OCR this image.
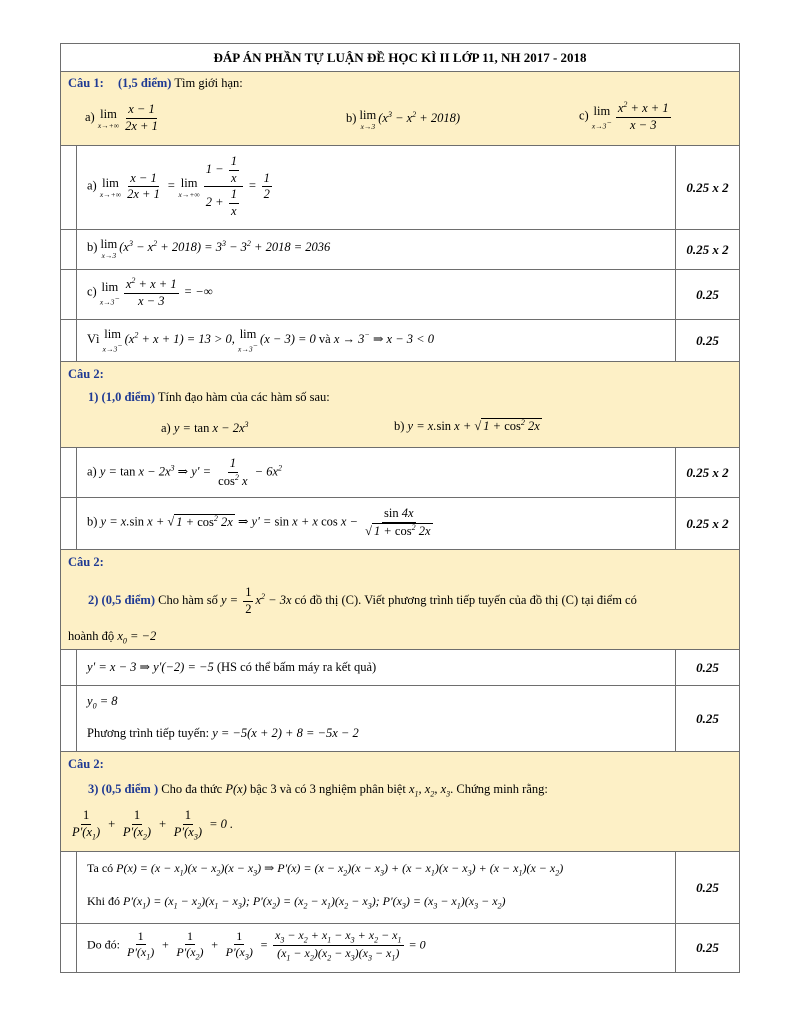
ĐÁP ÁN PHẦN TỰ LUẬN ĐỀ HỌC KÌ II LỚP 11, NH 2017 - 2018
Câu 1: (1,5 điểm) Tìm giới hạn:
a) lim
$x\to+\infty \frac{x - 1}{2x + 1}$	b) lim
x→3
$(x^3 - x^2 + 2018)$	c) lim
$x\to 3^- \frac{x^2 + x + 1}{x - 3}$
a) lim
$x\to+\infty \frac{x - 1}{2x + 1} = \lim$
$x\to+\infty \frac{1 - \frac{1}{x}}{2 + \frac{1}{x}} = \frac{1}{2}$	0.25 x 2
b) lim
x→3
$(x^3 - x^2 + 2018) = 3^3 - 3^2 + 2018 = 2036$	0.25 x 2
c) lim
$x\to 3^- \frac{x^2 + x + 1}{x - 3}$ = −∞	0.25
Vì lim
x→3− $(x^2 + x + 1) = 13 > 0$, lim
x→3− (x − 3) = 0 và x → 3− ⇒ x − 3 < 0	0.25
Câu 2:
1) (1,0 điểm) Tính đạo hàm của các hàm số sau:
a) $y = \tan x - 2x^3$	b) y = x.sin x + √ $1 + \cos^2 2x$
a) $y = \tan x - 2x^3$ ⇒ $y' = \frac{1}{\cos^2 x} - 6x^2$	0.25 x 2
b) y = x.sin x + √ $1 + \cos^2 2x$ ⇒ y' = sin x + x $\cos x - \frac{\sin 4x}{√ 1 + \cos^2 2x}$	0.25 x 2
Câu 2:
2) (0,5 điểm) Cho hàm số $y = \frac{1}{2} x^2 - 3x$ có đồ thị (C). Viết phương trình tiếp tuyến của đồ thị (C) tại điểm có
hoành độ $x_0 = -2$
y' = x − 3 ⇒ y'(−2) = −5 (HS có thể bấm máy ra kết quả)	0.25
$y_0 = 8$
Phương trình tiếp tuyến: y = −5(x + 2) + 8 = −5x − 2
0.25
Câu 2:
3) (0,5 điểm ) Cho đa thức P(x) bậc 3 và có 3 nghiệm phân biệt $x_1$, $x_2$, $x_3$. Chứng minh rằng:
$\frac{1}{P'(x_1)} + \frac{1}{P'(x_2)} + \frac{1}{P'(x_3)} = 0$ .
Ta có $P(x) = (x - x_1)(x - x_2)(x - x_3)$ ⇒ $P'(x) = (x - x_2)(x - x_3) + (x - x_1)(x - x_3) + (x - x_1)(x - x_2)$
Khi đó $P'(x_1) = (x_1 - x_2)(x_1 - x_3)$; $P'(x_2) = (x_2 - x_1)(x_2 - x_3)$; $P'(x_3) = (x_3 - x_1)(x_3 - x_2)$
0.25
Do đó: $\frac{1}{P'(x_1)} + \frac{1}{P'(x_2)} + \frac{1}{P'(x_3)} = \frac{x_3 - x_2 + x_1 - x_3 + x_2 - x_1}{(x_1 - x_2)(x_2 - x_3)(x_3 - x_1)} = 0$	0.25
